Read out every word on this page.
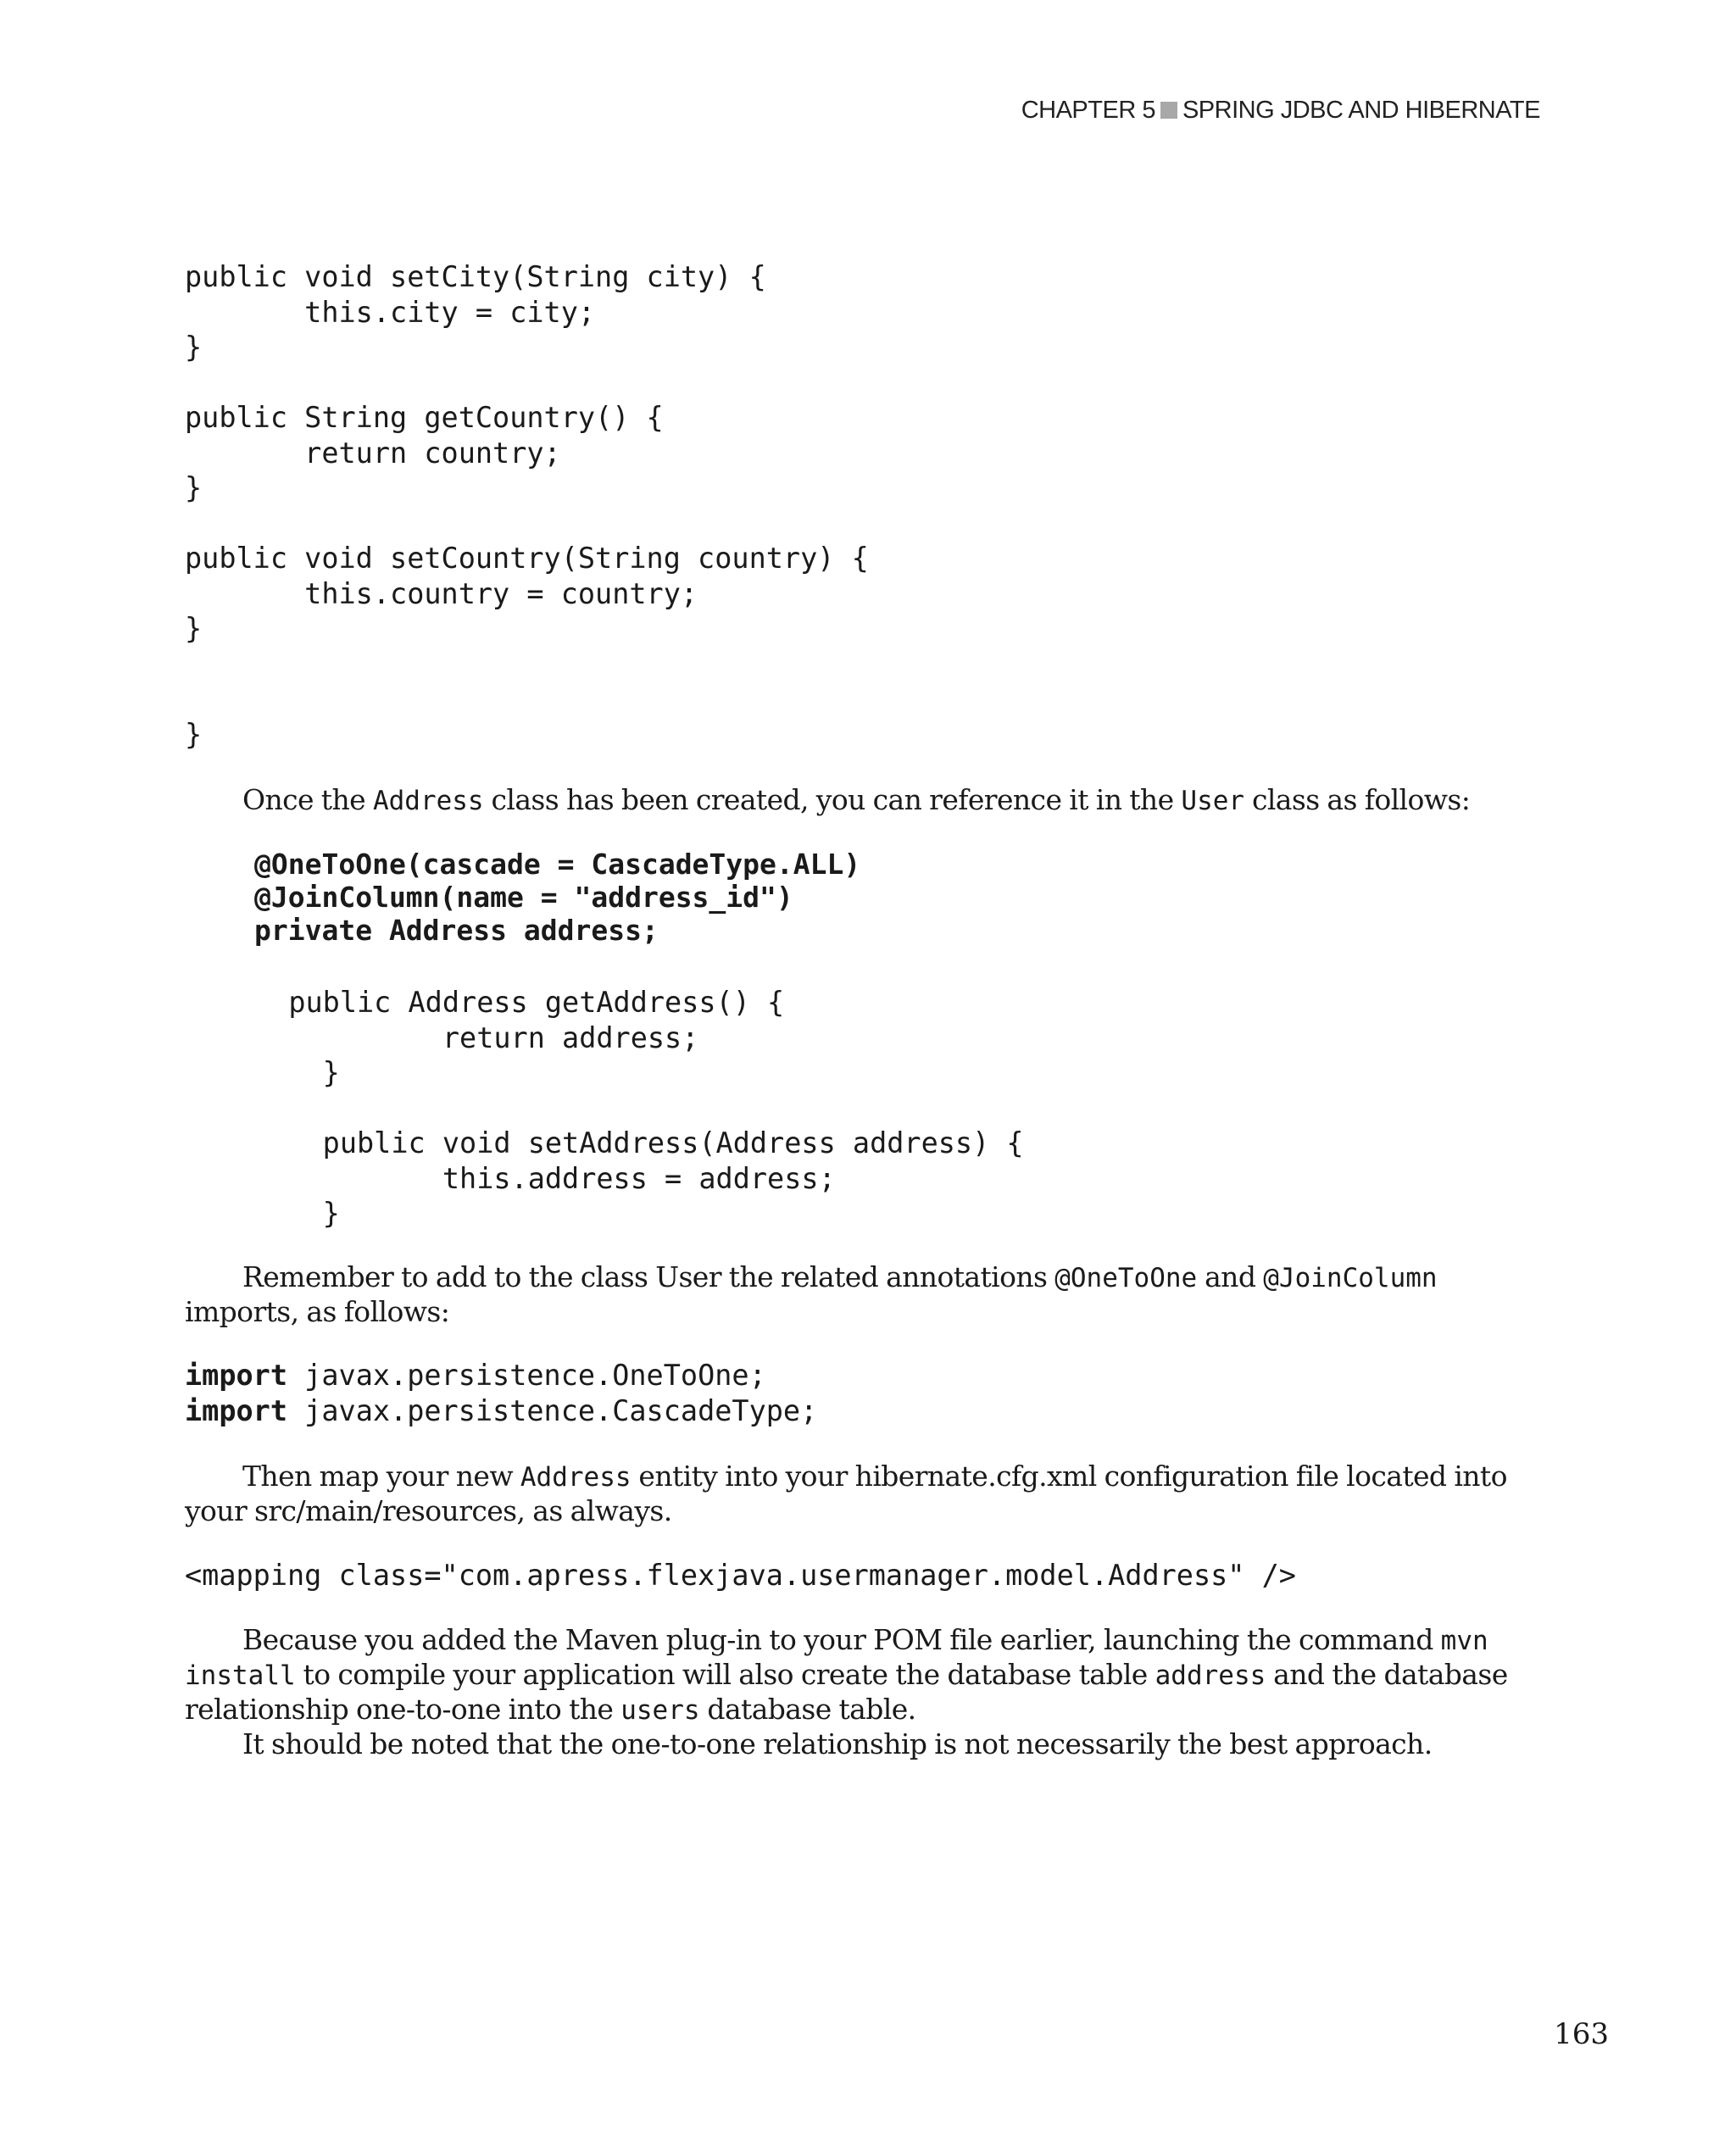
CHAPTER 5 SPRING JDBC AND HIBERNATE
public void setCity(String city) {
this.city = city;
}

public String getCountry() {
return country;
}

public void setCountry(String country) {
this.country = country;
}

}

Once the Address class has been created, you can reference it in the User class as follows:

@OneToOne(cascade = CascadeType.ALL)
@JoinColumn(name = "address_id")
private Address address;
public Address getAddress() {
return address;
}

public void setAddress(Address address) {
this.address = address;
}

Remember to add to the class User the related annotations @OneToOne and @JoinColumn imports, as follows:

import javax.persistence.OneToOne;
import javax.persistence.CascadeType;

Then map your new Address entity into your hibernate.cfg.xml configuration file located into your src/main/resources, as always.

<mapping class="com.apress.flexjava.usermanager.model.Address" />

Because you added the Maven plug-in to your POM file earlier, launching the command mvn install to compile your application will also create the database table address and the database relationship one-to-one into the users database table.
It should be noted that the one-to-one relationship is not necessarily the best approach.

163
